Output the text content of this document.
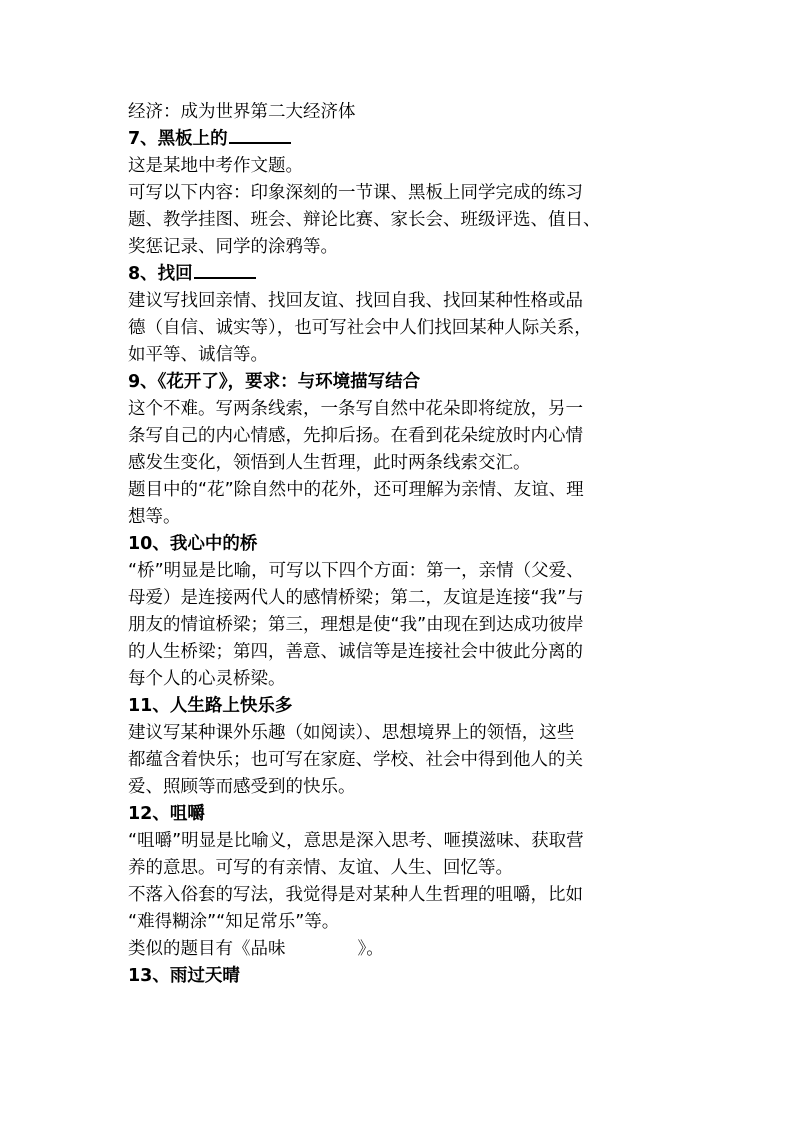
经济：成为世界第二大经济体
7、黑板上的
这是某地中考作文题。
可写以下内容：印象深刻的一节课、黑板上同学完成的练习
题、教学挂图、班会、辩论比赛、家长会、班级评选、值日、
奖惩记录、同学的涂鸦等。
8、找回
建议写找回亲情、找回友谊、找回自我、找回某种性格或品
德（自信、诚实等），也可写社会中人们找回某种人际关系，
如平等、诚信等。
9、《花开了》，要求：与环境描写结合
这个不难。写两条线索，一条写自然中花朵即将绽放，另一
条写自己的内心情感，先抑后扬。在看到花朵绽放时内心情
感发生变化，领悟到人生哲理，此时两条线索交汇。
题目中的“花”除自然中的花外，还可理解为亲情、友谊、理
想等。
10、我心中的桥
“桥”明显是比喻，可写以下四个方面：第一，亲情（父爱、
母爱）是连接两代人的感情桥梁；第二，友谊是连接“我”与
朋友的情谊桥梁；第三，理想是使“我”由现在到达成功彼岸
的人生桥梁；第四，善意、诚信等是连接社会中彼此分离的
每个人的心灵桥梁。
11、人生路上快乐多
建议写某种课外乐趣（如阅读）、思想境界上的领悟，这些
都蕴含着快乐；也可写在家庭、学校、社会中得到他人的关
爱、照顾等而感受到的快乐。
12、咀嚼
“咀嚼”明显是比喻义，意思是深入思考、咂摸滋味、获取营
养的意思。可写的有亲情、友谊、人生、回忆等。
不落入俗套的写法，我觉得是对某种人生哲理的咀嚼，比如
“难得糊涂”“知足常乐”等。
类似的题目有《品味	》。
13、雨过天晴
